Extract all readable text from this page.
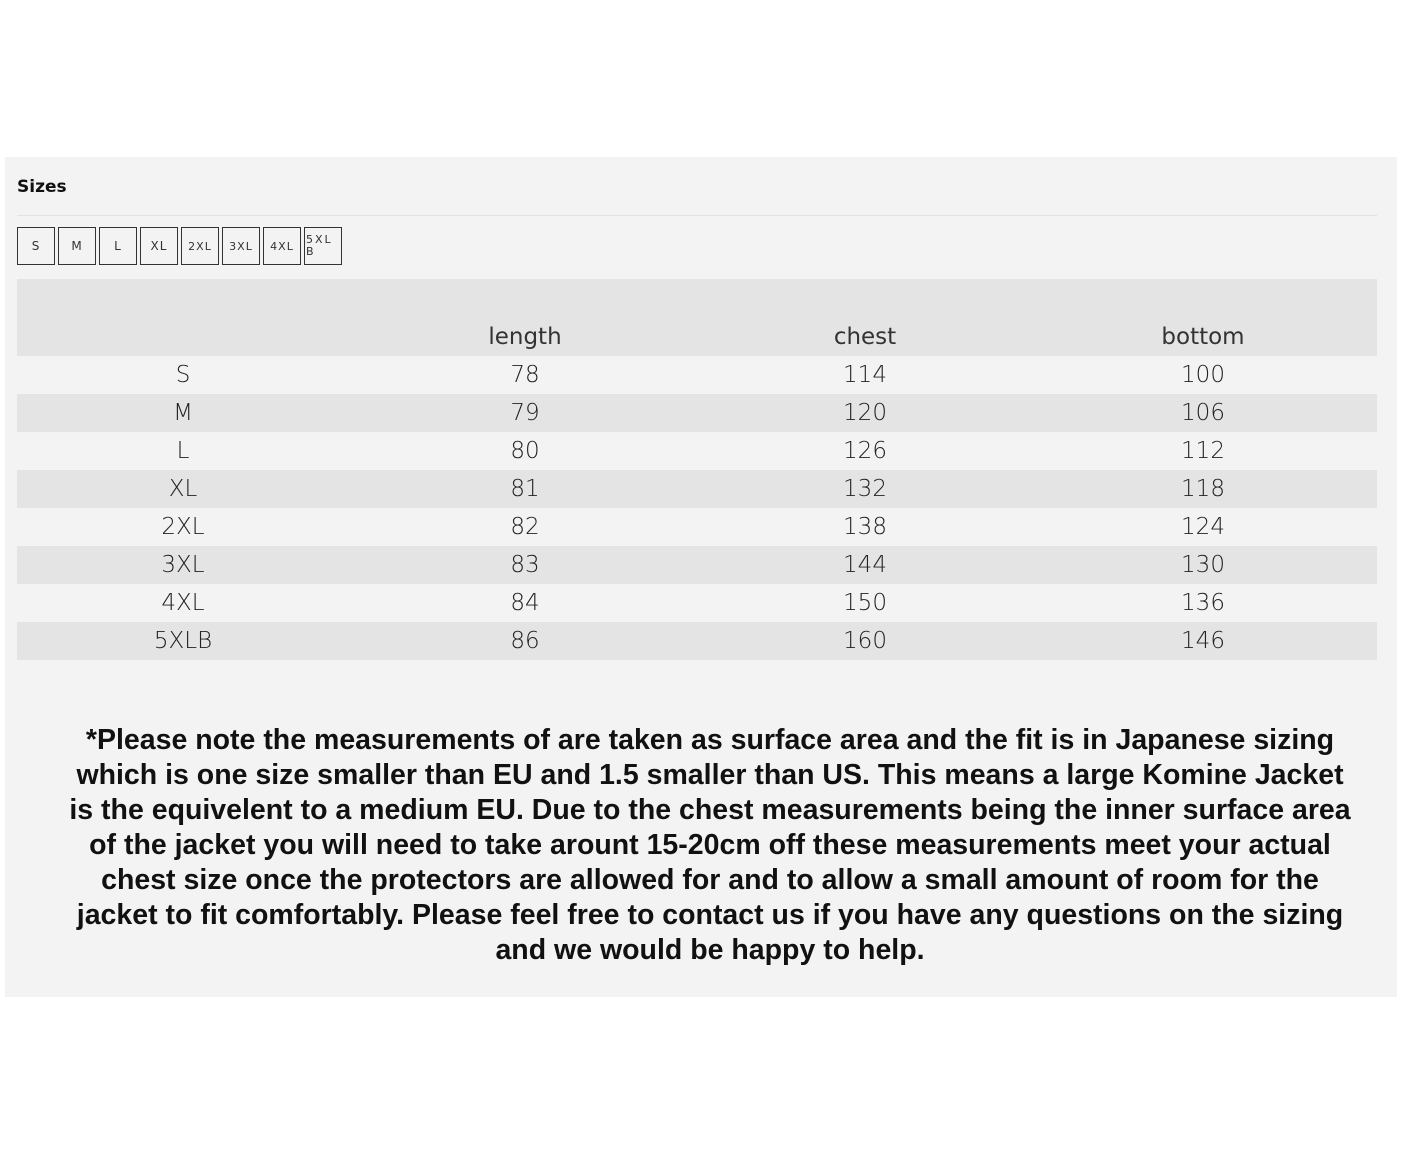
Sizes
S	M	L	XL	2XL	3XL	4XL	5XLB
	length	chest	bottom
S	78	114	100
M	79	120	106
L	80	126	112
XL	81	132	118
2XL	82	138	124
3XL	83	144	130
4XL	84	150	136
5XLB	86	160	146
*Please note the measurements of are taken as surface area and the fit is in Japanese sizing
which is one size smaller than EU and 1.5 smaller than US. This means a large Komine Jacket
is the equivelent to a medium EU. Due to the chest measurements being the inner surface area
of the jacket you will need to take arount 15-20cm off these measurements meet your actual
chest size once the protectors are allowed for and to allow a small amount of room for the
jacket to fit comfortably. Please feel free to contact us if you have any questions on the sizing
and we would be happy to help.
